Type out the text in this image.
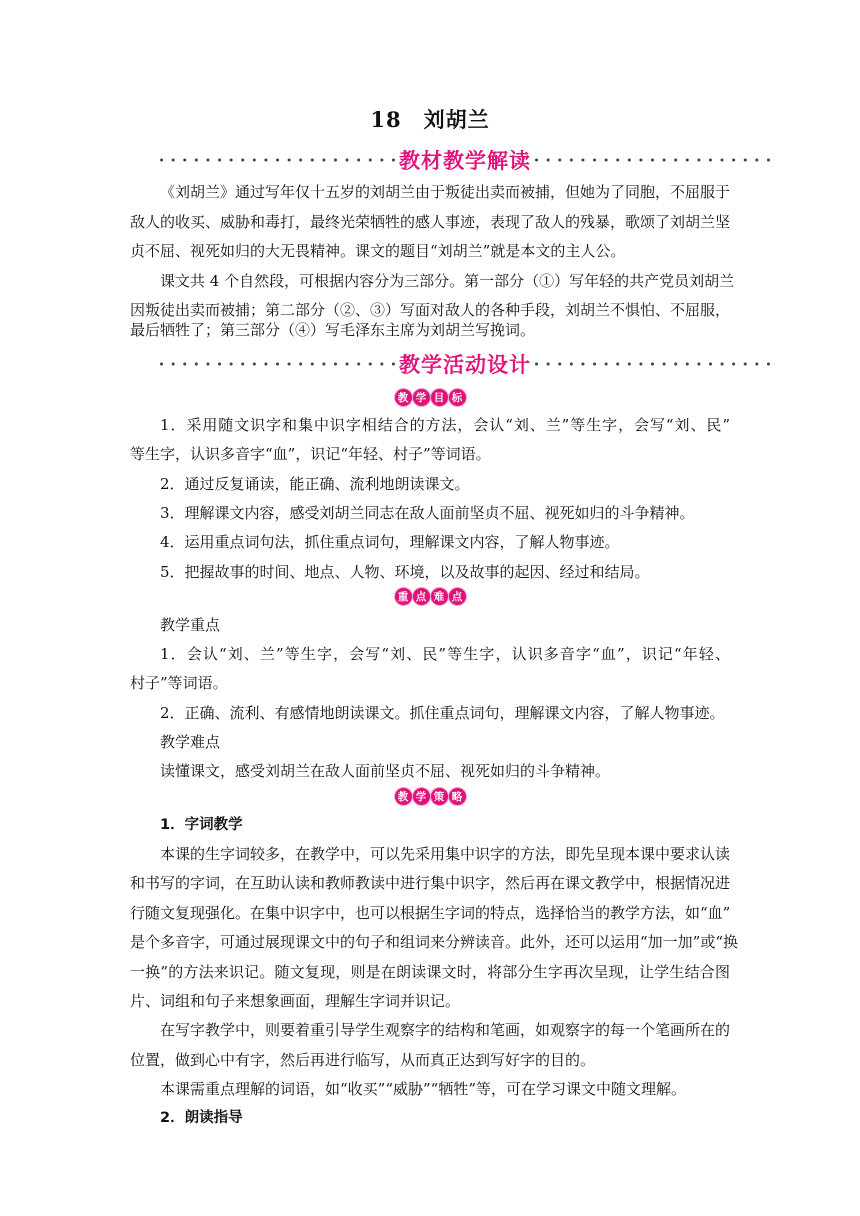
18 刘胡兰
教材教学解读
《刘胡兰》通过写年仅十五岁的刘胡兰由于叛徒出卖而被捕，但她为了同胞，不屈服于
敌人的收买、威胁和毒打，最终光荣牺牲的感人事迹，表现了敌人的残暴，歌颂了刘胡兰坚
贞不屈、视死如归的大无畏精神。课文的题目“刘胡兰”就是本文的主人公。
课文共 4 个自然段，可根据内容分为三部分。第一部分（①）写年轻的共产党员刘胡兰
因叛徒出卖而被捕；第二部分（②、③）写面对敌人的各种手段，刘胡兰不惧怕、不屈服，
最后牺牲了；第三部分（④）写毛泽东主席为刘胡兰写挽词。
教学活动设计
教 学 目 标
1．采用随文识字和集中识字相结合的方法，会认“刘、兰”等生字，会写“刘、民”
等生字，认识多音字“血”，识记“年轻、村子”等词语。
2．通过反复诵读，能正确、流利地朗读课文。
3．理解课文内容，感受刘胡兰同志在敌人面前坚贞不屈、视死如归的斗争精神。
4．运用重点词句法，抓住重点词句，理解课文内容，了解人物事迹。
5．把握故事的时间、地点、人物、环境，以及故事的起因、经过和结局。
重 点 难 点
教学重点
1．会认“刘、兰”等生字，会写“刘、民”等生字，认识多音字“血”，识记“年轻、
村子”等词语。
2．正确、流利、有感情地朗读课文。抓住重点词句，理解课文内容，了解人物事迹。
教学难点
读懂课文，感受刘胡兰在敌人面前坚贞不屈、视死如归的斗争精神。
教 学 策 略
1．字词教学
本课的生字词较多，在教学中，可以先采用集中识字的方法，即先呈现本课中要求认读
和书写的字词，在互助认读和教师教读中进行集中识字，然后再在课文教学中，根据情况进
行随文复现强化。在集中识字中，也可以根据生字词的特点，选择恰当的教学方法，如“血”
是个多音字，可通过展现课文中的句子和组词来分辨读音。此外，还可以运用“加一加”或“换
一换”的方法来识记。随文复现，则是在朗读课文时，将部分生字再次呈现，让学生结合图
片、词组和句子来想象画面，理解生字词并识记。
在写字教学中，则要着重引导学生观察字的结构和笔画，如观察字的每一个笔画所在的
位置，做到心中有字，然后再进行临写，从而真正达到写好字的目的。
本课需重点理解的词语，如“收买”“威胁”“牺牲”等，可在学习课文中随文理解。
2．朗读指导
